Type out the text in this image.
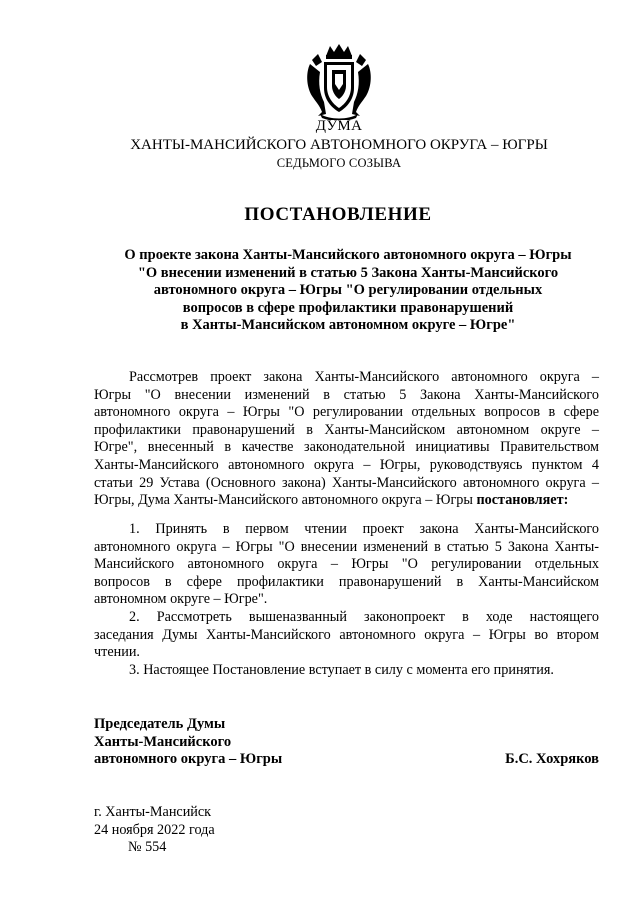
ДУМА
ХАНТЫ-МАНСИЙСКОГО АВТОНОМНОГО ОКРУГА – ЮГРЫ
СЕДЬМОГО СОЗЫВА
ПОСТАНОВЛЕНИЕ
О проекте закона Ханты-Мансийского автономного округа – Югры
"О внесении изменений в статью 5 Закона Ханты-Мансийского
автономного округа – Югры "О регулировании отдельных
вопросов в сфере профилактики правонарушений
в Ханты-Мансийском автономном округе – Югре"
Рассмотрев проект закона Ханты-Мансийского автономного округа –
Югры "О внесении изменений в статью 5 Закона Ханты-Мансийского
автономного округа – Югры "О регулировании отдельных вопросов в сфере
профилактики правонарушений в Ханты-Мансийском автономном округе –
Югре", внесенный в качестве законодательной инициативы Правительством
Ханты-Мансийского автономного округа – Югры, руководствуясь пунктом 4
статьи 29 Устава (Основного закона) Ханты-Мансийского автономного округа –
Югры, Дума Ханты-Мансийского автономного округа – Югры постановляет:
1. Принять в первом чтении проект закона Ханты-Мансийского
автономного округа – Югры "О внесении изменений в статью 5 Закона Ханты-
Мансийского автономного округа – Югры "О регулировании отдельных
вопросов в сфере профилактики правонарушений в Ханты-Мансийском
автономном округе – Югре".
2. Рассмотреть вышеназванный законопроект в ходе настоящего
заседания Думы Ханты-Мансийского автономного округа – Югры во втором
чтении.
3. Настоящее Постановление вступает в силу с момента его принятия.
Председатель Думы
Ханты-Мансийского
автономного округа – Югры	Б.С. Хохряков
г. Ханты-Мансийск
24 ноября 2022 года
№ 554
